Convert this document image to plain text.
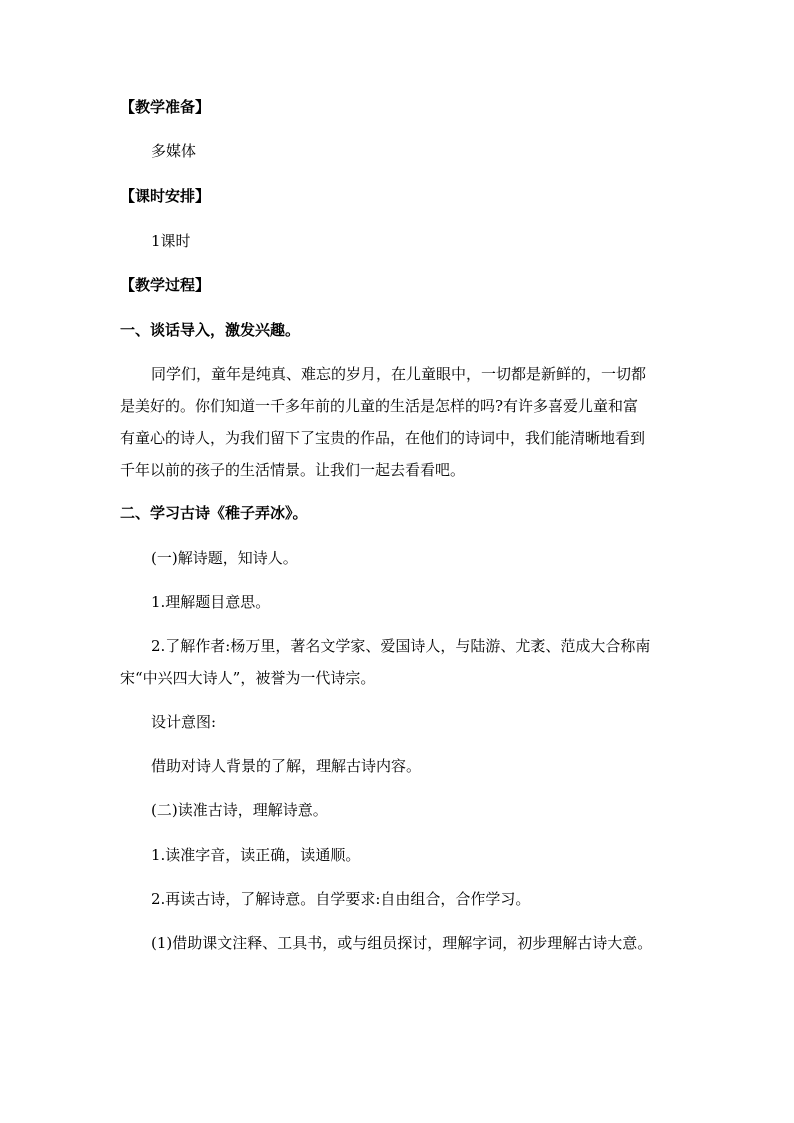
【教学准备】
多媒体
【课时安排】
1课时
【教学过程】
一、谈话导入，激发兴趣。
同学们，童年是纯真、难忘的岁月，在儿童眼中，一切都是新鲜的，一切都
是美好的。你们知道一千多年前的儿童的生活是怎样的吗?有许多喜爱儿童和富
有童心的诗人，为我们留下了宝贵的作品，在他们的诗词中，我们能清晰地看到
千年以前的孩子的生活情景。让我们一起去看看吧。
二、学习古诗《稚子弄冰》。
(一)解诗题，知诗人。
1.理解题目意思。
2.了解作者:杨万里，著名文学家、爱国诗人，与陆游、尤袤、范成大合称南
宋“中兴四大诗人”，被誉为一代诗宗。
设计意图:
借助对诗人背景的了解，理解古诗内容。
(二)读准古诗，理解诗意。
1.读准字音，读正确，读通顺。
2.再读古诗，了解诗意。自学要求:自由组合，合作学习。
(1)借助课文注释、工具书，或与组员探讨，理解字词，初步理解古诗大意。
